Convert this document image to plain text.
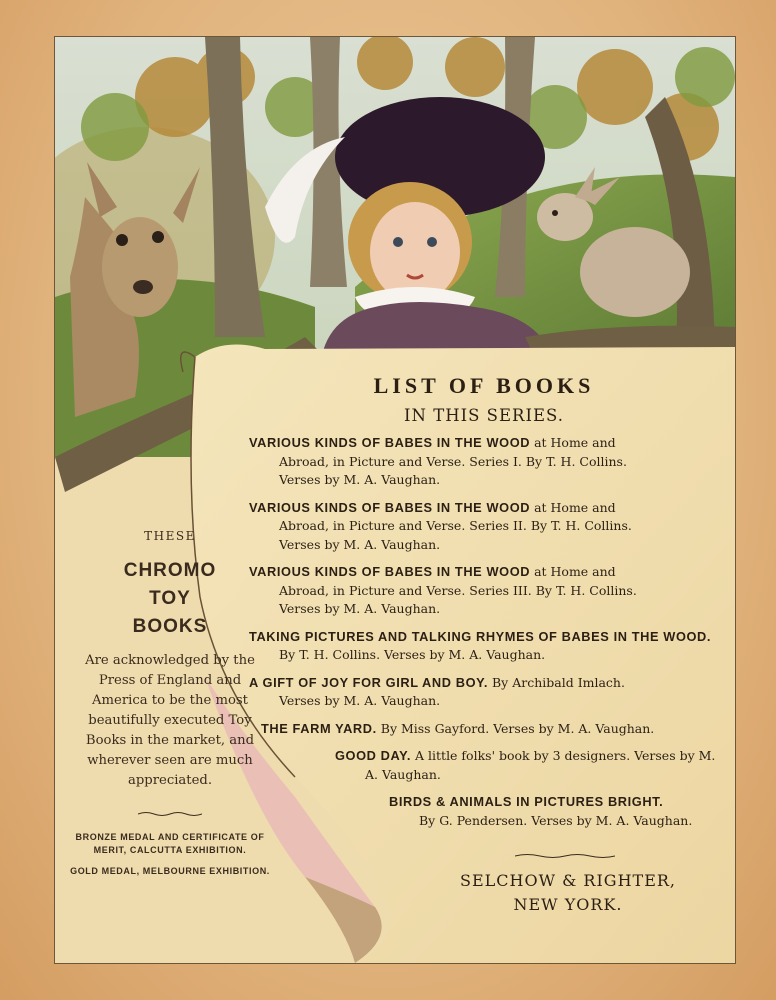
THESE
CHROMO
TOY
BOOKS
Are acknowledged by the Press of England and America to be the most beautifully executed Toy Books in the market, and wherever seen are much appreciated.
BRONZE MEDAL AND CERTIFICATE OF MERIT, CALCUTTA EXHIBITION.
GOLD MEDAL, MELBOURNE EXHIBITION.
LIST OF BOOKS
IN THIS SERIES.
VARIOUS KINDS OF BABES IN THE WOOD at Home and
Abroad, in Picture and Verse. Series I. By T. H. Collins.
Verses by M. A. Vaughan.
VARIOUS KINDS OF BABES IN THE WOOD at Home and
Abroad, in Picture and Verse. Series II. By T. H. Collins.
Verses by M. A. Vaughan.
VARIOUS KINDS OF BABES IN THE WOOD at Home and
Abroad, in Picture and Verse. Series III. By T. H. Collins.
Verses by M. A. Vaughan.
TAKING PICTURES AND TALKING RHYMES OF BABES IN THE WOOD. By T. H. Collins. Verses by M. A. Vaughan.
A GIFT OF JOY FOR GIRL AND BOY. By Archibald Imlach.
Verses by M. A. Vaughan.
THE FARM YARD. By Miss Gayford. Verses by M. A. Vaughan.
GOOD DAY. A little folks' book by 3 designers. Verses by M. A. Vaughan.
BIRDS & ANIMALS IN PICTURES BRIGHT.
By G. Pendersen. Verses by M. A. Vaughan.
SELCHOW & RIGHTER,
NEW YORK.
